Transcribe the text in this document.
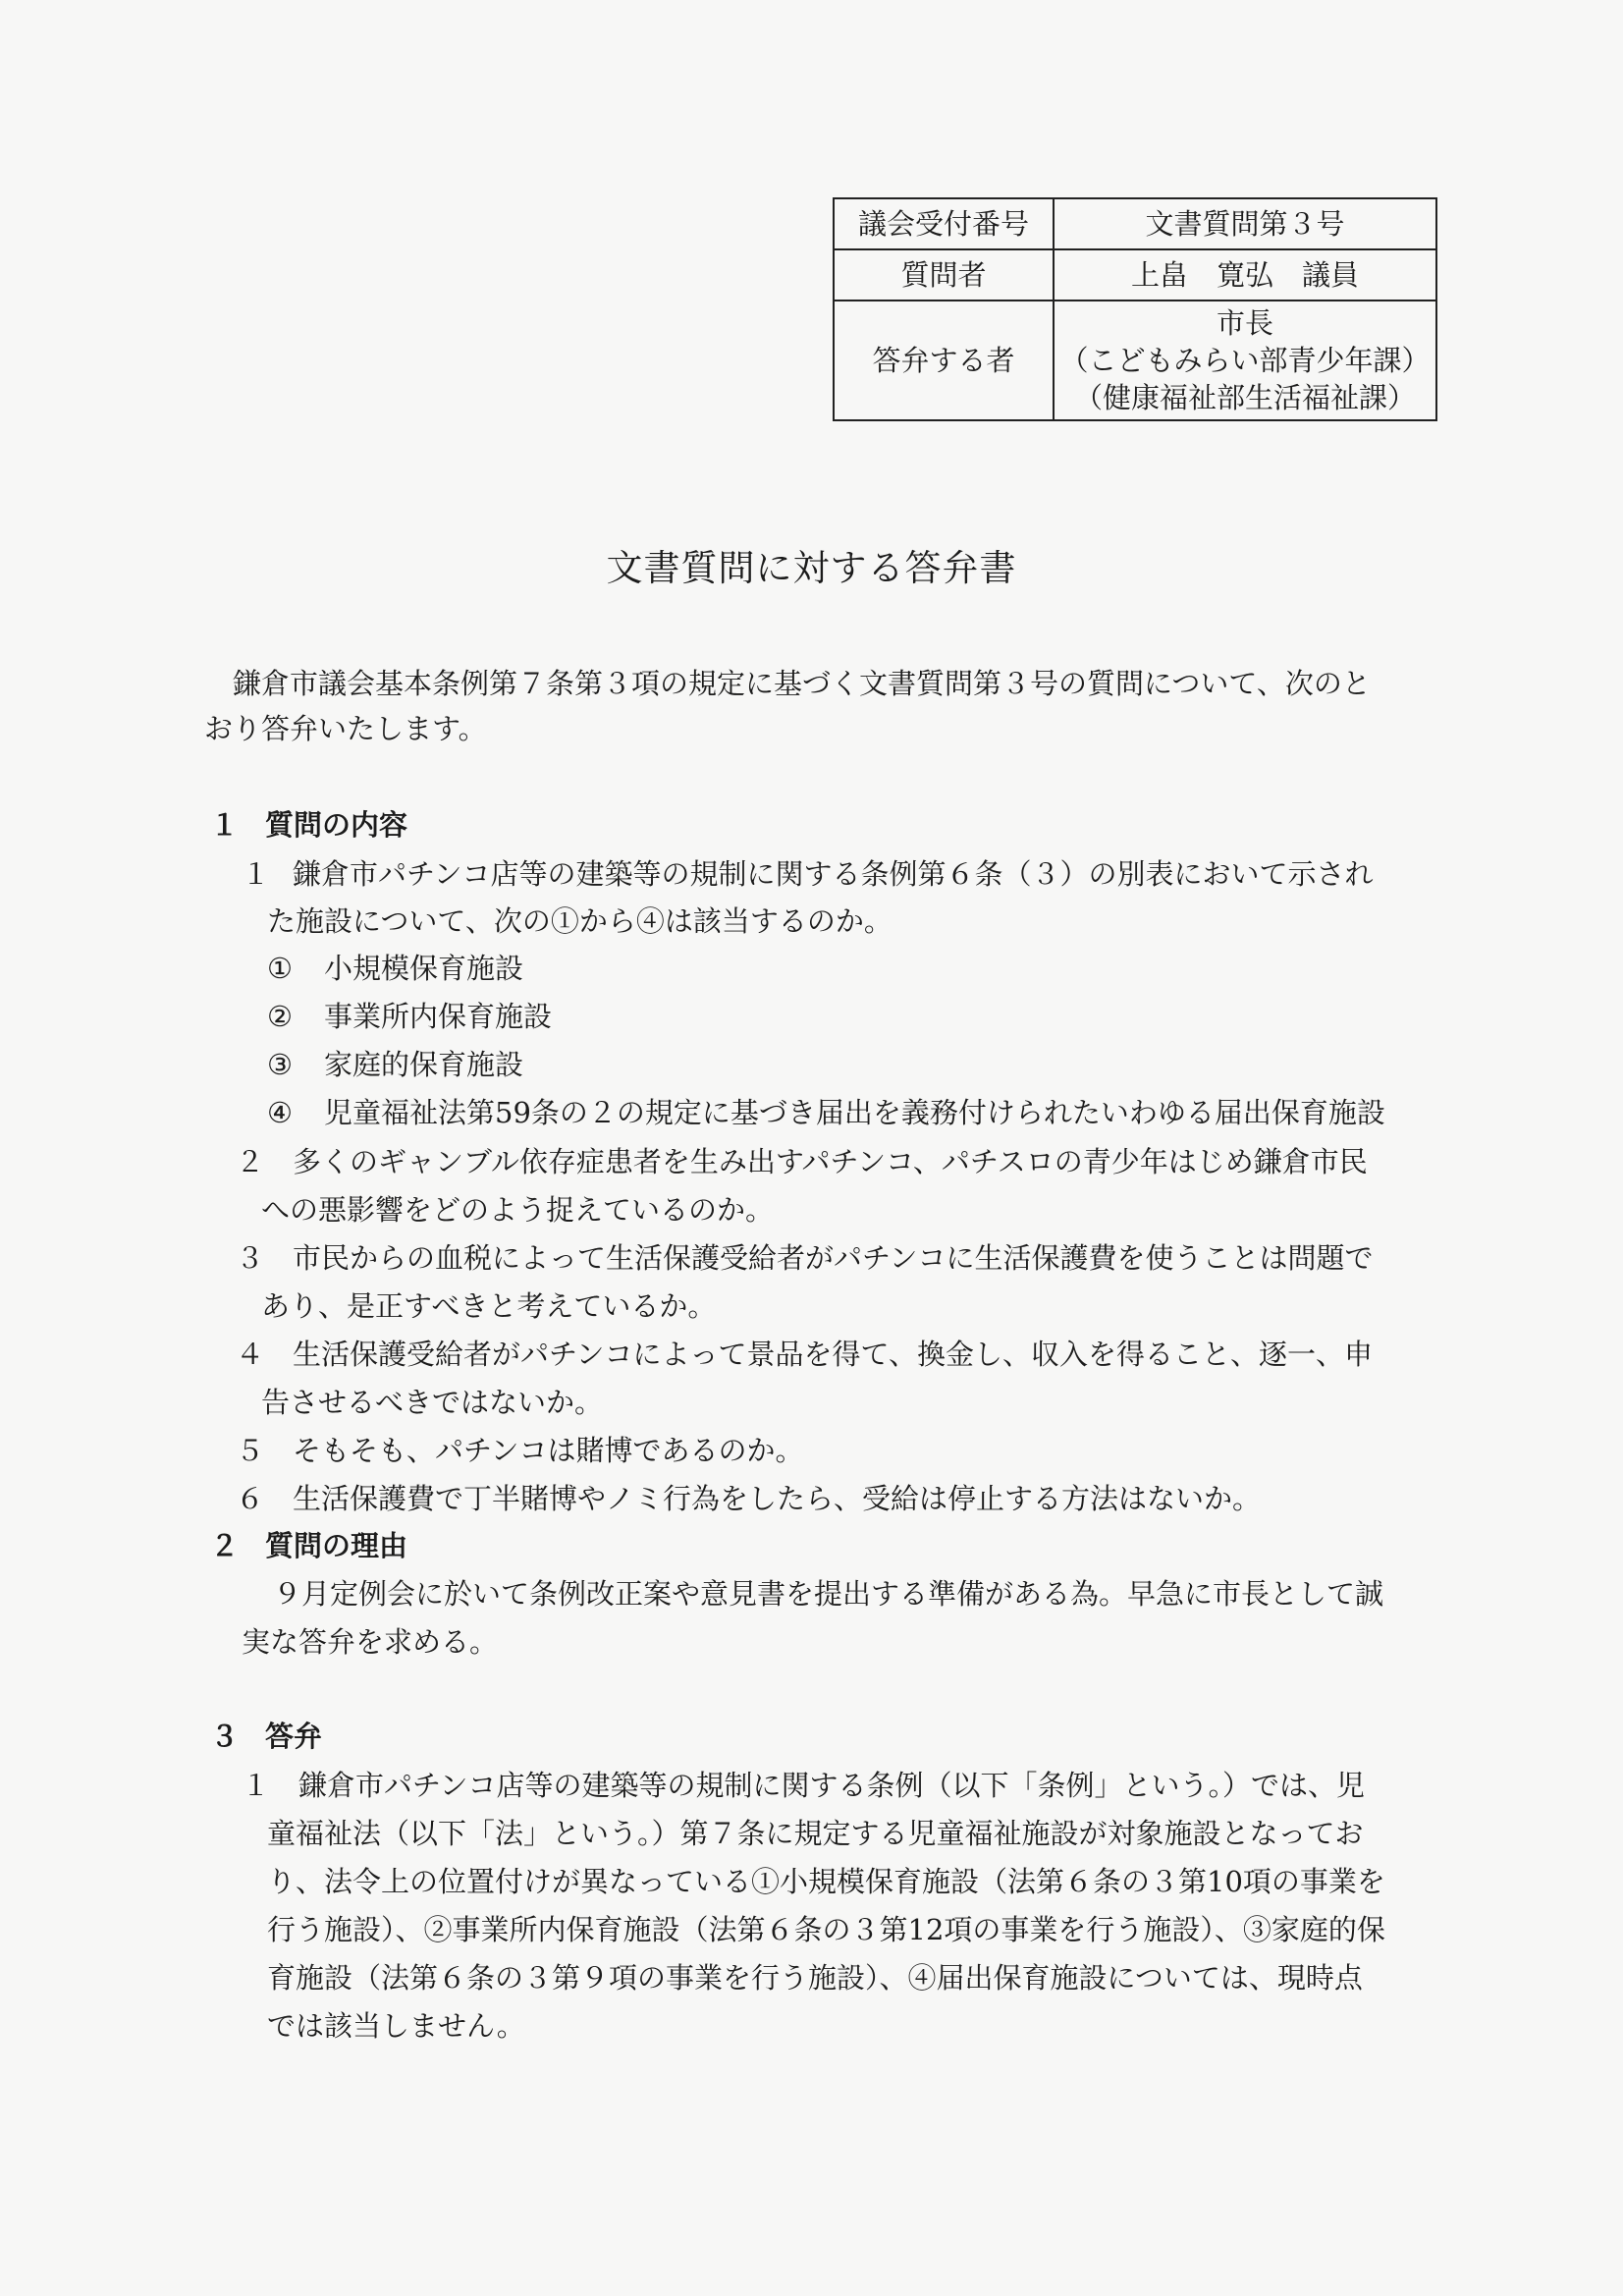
議会受付番号	文書質問第３号
質問者	上畠　寛弘　議員
答弁する者	市長
（こどもみらい部青少年課）
（健康福祉部生活福祉課）
文書質問に対する答弁書
　鎌倉市議会基本条例第７条第３項の規定に基づく文書質問第３号の質問について、次のと
おり答弁いたします。
１ 質問の内容
１ 鎌倉市パチンコ店等の建築等の規制に関する条例第６条（３）の別表において示され
た施設について、次の①から④は該当するのか。
① 小規模保育施設
② 事業所内保育施設
③ 家庭的保育施設
④ 児童福祉法第59条の２の規定に基づき届出を義務付けられたいわゆる届出保育施設
２ 多くのギャンブル依存症患者を生み出すパチンコ、パチスロの青少年はじめ鎌倉市民
への悪影響をどのよう捉えているのか。
３ 市民からの血税によって生活保護受給者がパチンコに生活保護費を使うことは問題で
あり、是正すべきと考えているか。
４ 生活保護受給者がパチンコによって景品を得て、換金し、収入を得ること、逐一、申
告させるべきではないか。
５ そもそも、パチンコは賭博であるのか。
６ 生活保護費で丁半賭博やノミ行為をしたら、受給は停止する方法はないか。
２ 質問の理由
９月定例会に於いて条例改正案や意見書を提出する準備がある為。早急に市長として誠
実な答弁を求める。
３ 答弁
１ 鎌倉市パチンコ店等の建築等の規制に関する条例（以下「条例」という。）では、児
童福祉法（以下「法」という。）第７条に規定する児童福祉施設が対象施設となってお
り、法令上の位置付けが異なっている①小規模保育施設（法第６条の３第10項の事業を
行う施設）、②事業所内保育施設（法第６条の３第12項の事業を行う施設）、③家庭的保
育施設（法第６条の３第９項の事業を行う施設）、④届出保育施設については、現時点
では該当しません。
